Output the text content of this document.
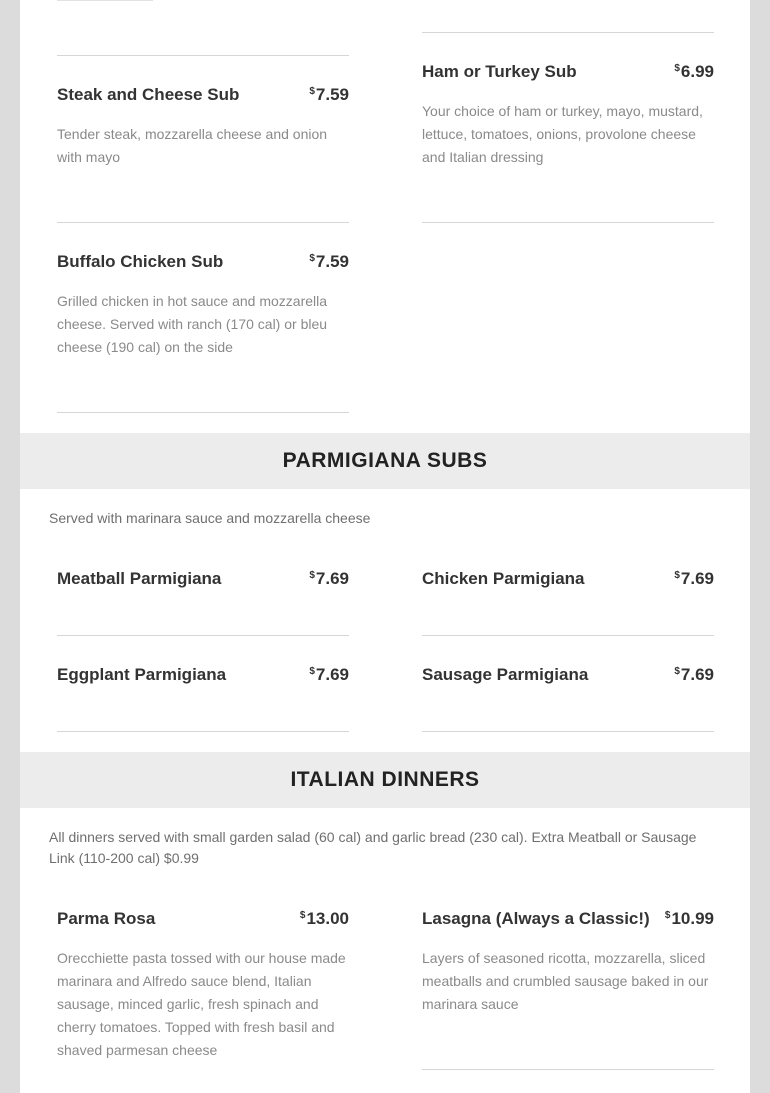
Steak and Cheese Sub	$7.59
Tender steak, mozzarella cheese and onion with mayo
Ham or Turkey Sub	$6.99
Your choice of ham or turkey, mayo, mustard, lettuce, tomatoes, onions, provolone cheese and Italian dressing
Buffalo Chicken Sub	$7.59
Grilled chicken in hot sauce and mozzarella cheese. Served with ranch (170 cal) or bleu cheese (190 cal) on the side
PARMIGIANA SUBS
Served with marinara sauce and mozzarella cheese
Meatball Parmigiana	$7.69	Chicken Parmigiana	$7.69
Eggplant Parmigiana	$7.69	Sausage Parmigiana	$7.69
ITALIAN DINNERS
All dinners served with small garden salad (60 cal) and garlic bread (230 cal). Extra Meatball or Sausage Link (110-200 cal) $0.99
Parma Rosa	$13.00
Orecchiette pasta tossed with our house made marinara and Alfredo sauce blend, Italian sausage, minced garlic, fresh spinach and cherry tomatoes. Topped with fresh basil and shaved parmesan cheese
Lasagna (Always a Classic!) $10.99
Layers of seasoned ricotta, mozzarella, sliced meatballs and crumbled sausage baked in our marinara sauce
